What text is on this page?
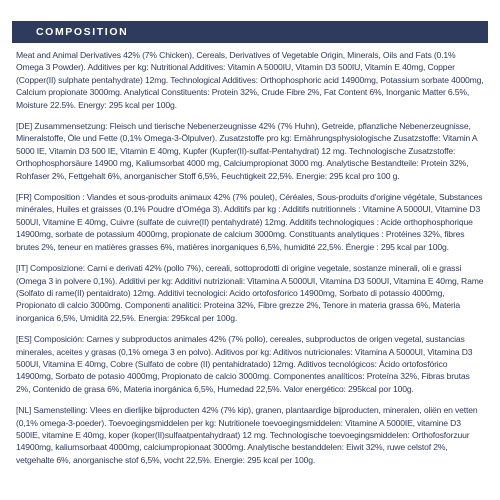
COMPOSITION

Meat and Animal Derivatives 42% (7% Chicken), Cereals, Derivatives of Vegetable Origin, Minerals, Oils and Fats (0.1% Omega 3 Powder). Additives per kg: Nutritional Additives: Vitamin A 5000IU, Vitamin D3 500IU, Vitamin E 40mg, Copper (Copper(II) sulphate pentahydrate) 12mg. Technological Additives: Orthophosphoric acid 14900mg, Potassium sorbate 4000mg, Calcium propionate 3000mg. Analytical Constituents: Protein 32%, Crude Fibre 2%, Fat Content 6%, Inorganic Matter 6.5%, Moisture 22.5%. Energy: 295 kcal per 100g.

[DE] Zusammensetzung: Fleisch und tierische Nebenerzeugnisse 42% (7% Huhn), Getreide, pflanzliche Nebenerzeugnisse, Mineralstoffe, Öle und Fette (0,1% Omega-3-Ölpulver). Zusatzstoffe pro kg: Ernährungsphysiologische Zusatzstoffe: Vitamin A 5000 IE, Vitamin D3 500 IE, Vitamin E 40mg, Kupfer (Kupfer(II)-sulfat-Pentahydrat) 12 mg. Technologische Zusatzstoffe: Orthophosphorsäure 14900 mg, Kaliumsorbat 4000 mg, Calciumpropionat 3000 mg. Analytische Bestandteile: Protein 32%, Rohfaser 2%, Fettgehalt 6%, anorganischer Stoff 6,5%, Feuchtigkeit 22,5%. Energie: 295 kcal pro 100 g.

[FR] Composition : Viandes et sous-produits animaux 42% (7% poulet), Céréales, Sous-produits d'origine végétale, Substances minérales, Huiles et graisses (0.1% Poudre d'Oméga 3). Additifs par kg : Additifs nutritionnels : Vitamine A 5000UI, Vitamine D3 500UI, Vitamine E 40mg, Cuivre (sulfate de cuivre(II) pentahydraté) 12mg. Additifs technologiques : Acide orthophosphorique 14900mg, sorbate de potassium 4000mg, propionate de calcium 3000mg. Constituants analytiques : Protéines 32%, fibres brutes 2%, teneur en matières grasses 6%, matières inorganiques 6,5%, humidité 22,5%. Énergie : 295 kcal par 100g.

[IT] Composizione: Carni e derivati 42% (pollo 7%), cereali, sottoprodotti di origine vegetale, sostanze minerali, oli e grassi (Omega 3 in polvere 0,1%). Additivi per kg: Additivi nutrizionali: Vitamina A 5000UI, Vitamina D3 500UI, Vitamina E 40mg, Rame (Solfato di rame(II) pentaidrato) 12mg. Additivi tecnologici: Acido ortofosforico 14900mg, Sorbato di potassio 4000mg, Propionato di calcio 3000mg. Componenti analitici: Proteina 32%, Fibre grezze 2%, Tenore in materia grassa 6%, Materia inorganica 6,5%, Umidità 22,5%. Energia: 295kcal per 100g.

[ES] Composición: Carnes y subproductos animales 42% (7% pollo), cereales, subproductos de origen vegetal, sustancias minerales, aceites y grasas (0,1% omega 3 en polvo). Aditivos por kg: Aditivos nutricionales: Vitamina A 5000UI, Vitamina D3 500UI, Vitamina E 40mg, Cobre (Sulfato de cobre (II) pentahidratado) 12mg. Aditivos tecnológicos: Ácido ortofosfórico 14900mg, Sorbato de potasio 4000mg, Propionato de calcio 3000mg. Componentes analíticos: Proteína 32%, Fibras brutas 2%, Contenido de grasa 6%, Materia inorgánica 6,5%, Humedad 22,5%. Valor energético: 295kcal por 100g.

[NL] Samenstelling: Vlees en dierlijke bijproducten 42% (7% kip), granen, plantaardige bijproducten, mineralen, oliën en vetten (0,1% omega-3-poeder). Toevoegingsmiddelen per kg: Nutritionele toevoegingsmiddelen: Vitamine A 5000IE, vitamine D3 500IE, vitamine E 40mg, koper (koper(II)sulfaatpentahydraat) 12 mg. Technologische toevoegingsmiddelen: Orthofosforzuur 14900mg, kaliumsorbaat 4000mg, calciumpropionaat 3000mg. Analytische bestanddelen: Eiwit 32%, ruwe celstof 2%, vetgehalte 6%, anorganische stof 6,5%, vocht 22,5%. Energie: 295 kcal per 100g.
